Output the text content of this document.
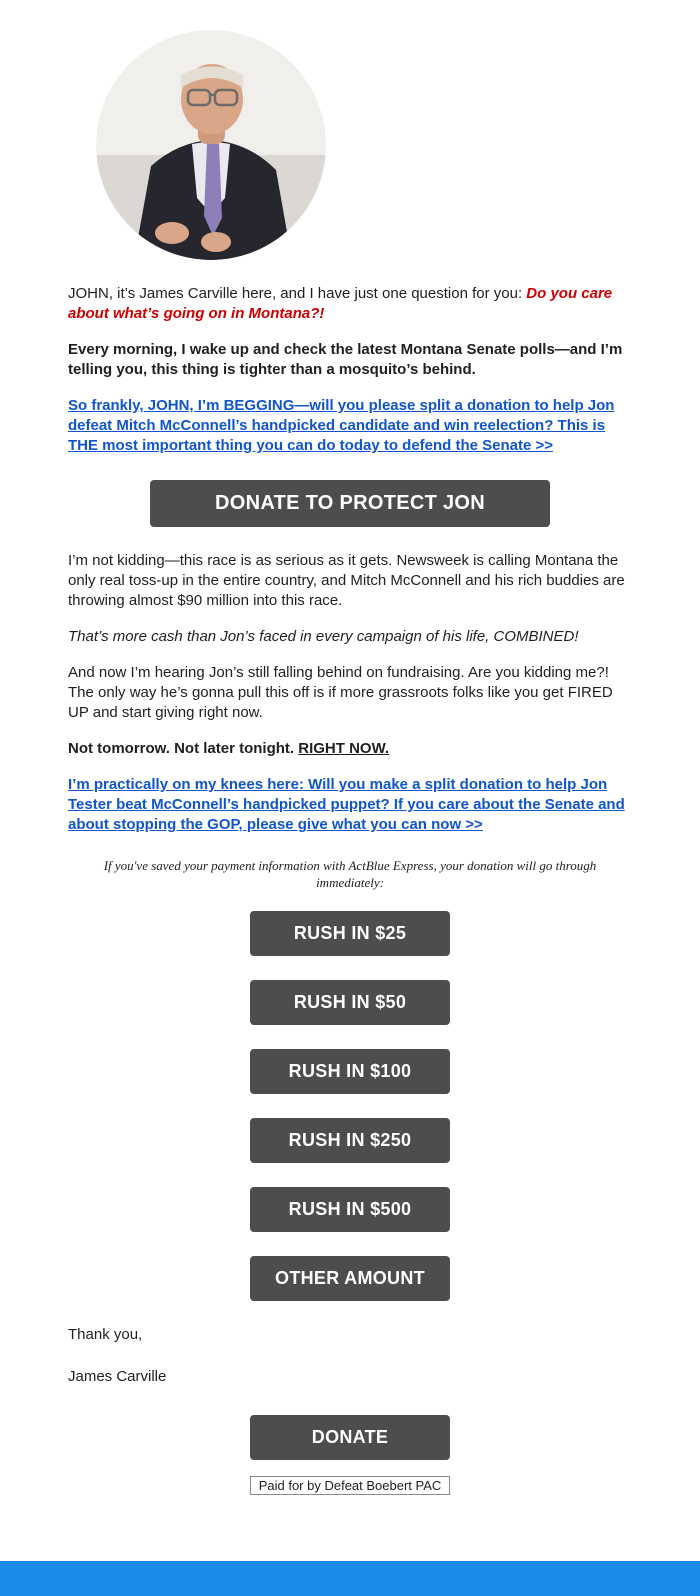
JOHN, it’s James Carville here, and I have just one question for you: Do you care about what’s going on in Montana?!

Every morning, I wake up and check the latest Montana Senate polls—and I’m telling you, this thing is tighter than a mosquito’s behind.

So frankly, JOHN, I’m BEGGING—will you please split a donation to help Jon defeat Mitch McConnell’s handpicked candidate and win reelection? This is THE most important thing you can do today to defend the Senate >>

DONATE TO PROTECT JON

I’m not kidding—this race is as serious as it gets. Newsweek is calling Montana the only real toss-up in the entire country, and Mitch McConnell and his rich buddies are throwing almost $90 million into this race.

That’s more cash than Jon’s faced in every campaign of his life, COMBINED!

And now I’m hearing Jon’s still falling behind on fundraising. Are you kidding me?! The only way he’s gonna pull this off is if more grassroots folks like you get FIRED UP and start giving right now.

Not tomorrow. Not later tonight. RIGHT NOW.

I’m practically on my knees here: Will you make a split donation to help Jon Tester beat McConnell’s handpicked puppet? If you care about the Senate and about stopping the GOP, please give what you can now >>

If you've saved your payment information with ActBlue Express, your donation will go through immediately:

RUSH IN $25
RUSH IN $50
RUSH IN $100
RUSH IN $250
RUSH IN $500
OTHER AMOUNT

Thank you,

James Carville

DONATE
Paid for by Defeat Boebert PAC
